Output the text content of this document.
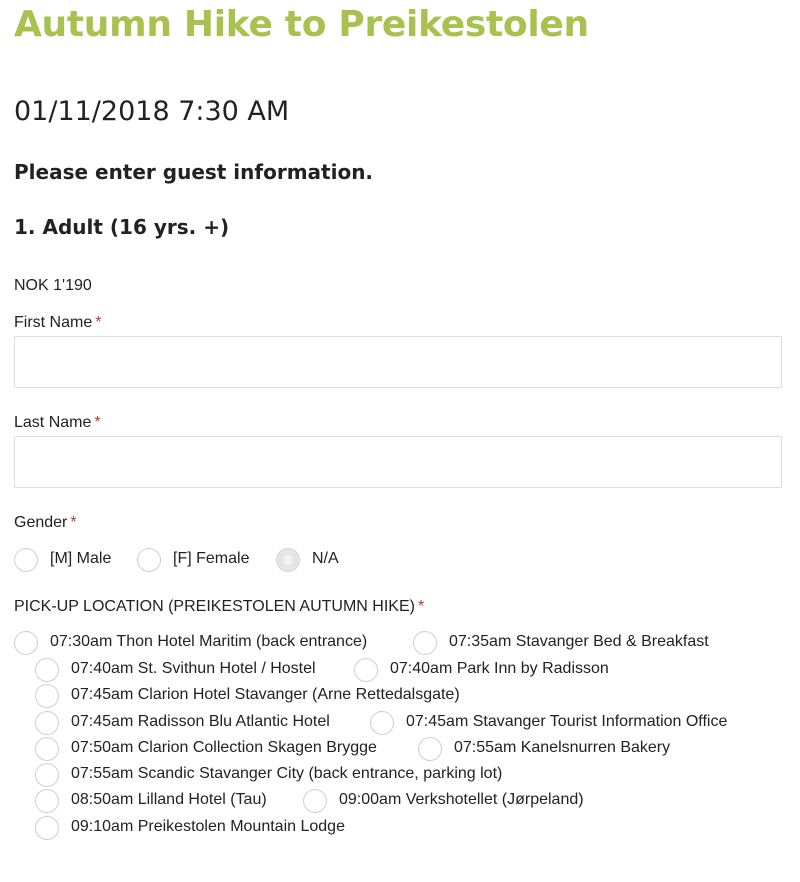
Autumn Hike to Preikestolen
01/11/2018 7:30 AM
Please enter guest information.
1. Adult (16 yrs. +)
NOK 1'190
First Name *
Last Name *
Gender *
[M] Male	[F] Female	N/A
PICK-UP LOCATION (PREIKESTOLEN AUTUMN HIKE) *
07:30am Thon Hotel Maritim (back entrance)	07:35am Stavanger Bed & Breakfast
07:40am St. Svithun Hotel / Hostel	07:40am Park Inn by Radisson
07:45am Clarion Hotel Stavanger (Arne Rettedalsgate)
07:45am Radisson Blu Atlantic Hotel	07:45am Stavanger Tourist Information Office
07:50am Clarion Collection Skagen Brygge	07:55am Kanelsnurren Bakery
07:55am Scandic Stavanger City (back entrance, parking lot)
08:50am Lilland Hotel (Tau)	09:00am Verkshotellet (Jørpeland)
09:10am Preikestolen Mountain Lodge
